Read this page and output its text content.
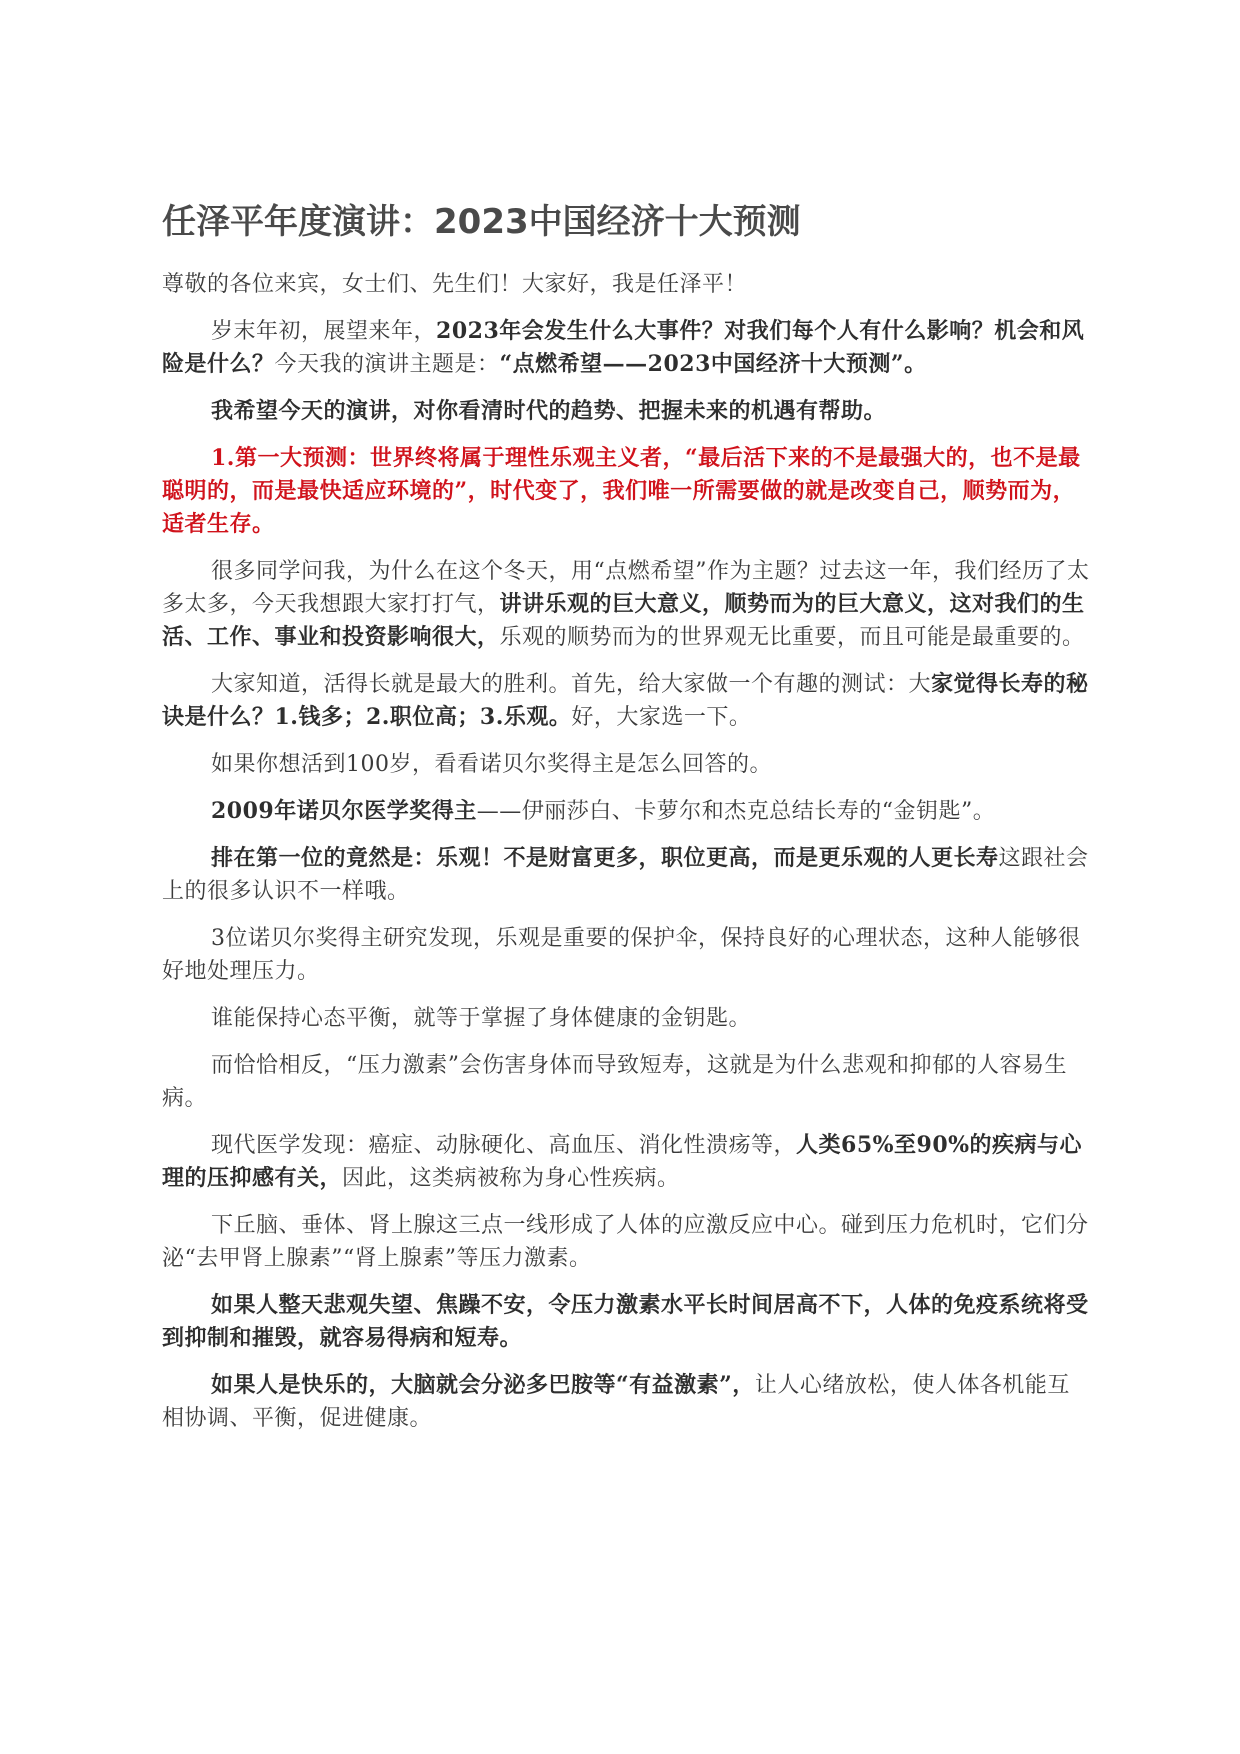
任泽平年度演讲：2023中国经济十大预测
尊敬的各位来宾，女士们、先生们！大家好，我是任泽平！
岁末年初，展望来年，2023年会发生什么大事件？对我们每个人有什么影响？机会和风险是什么？今天我的演讲主题是：“点燃希望——2023中国经济十大预测”。
我希望今天的演讲，对你看清时代的趋势、把握未来的机遇有帮助。
1.第一大预测：世界终将属于理性乐观主义者，“最后活下来的不是最强大的，也不是最聪明的，而是最快适应环境的”，时代变了，我们唯一所需要做的就是改变自己，顺势而为，适者生存。
很多同学问我，为什么在这个冬天，用“点燃希望”作为主题？过去这一年，我们经历了太多太多，今天我想跟大家打打气，讲讲乐观的巨大意义，顺势而为的巨大意义，这对我们的生活、工作、事业和投资影响很大，乐观的顺势而为的世界观无比重要，而且可能是最重要的。
大家知道，活得长就是最大的胜利。首先，给大家做一个有趣的测试：大家觉得长寿的秘诀是什么？1.钱多；2.职位高；3.乐观。好，大家选一下。
如果你想活到100岁，看看诺贝尔奖得主是怎么回答的。
2009年诺贝尔医学奖得主——伊丽莎白、卡萝尔和杰克总结长寿的“金钥匙”。
排在第一位的竟然是：乐观！不是财富更多，职位更高，而是更乐观的人更长寿这跟社会上的很多认识不一样哦。
3位诺贝尔奖得主研究发现，乐观是重要的保护伞，保持良好的心理状态，这种人能够很好地处理压力。
谁能保持心态平衡，就等于掌握了身体健康的金钥匙。
而恰恰相反，“压力激素”会伤害身体而导致短寿，这就是为什么悲观和抑郁的人容易生病。
现代医学发现：癌症、动脉硬化、高血压、消化性溃疡等，人类65%至90%的疾病与心理的压抑感有关，因此，这类病被称为身心性疾病。
下丘脑、垂体、肾上腺这三点一线形成了人体的应激反应中心。碰到压力危机时，它们分泌“去甲肾上腺素”“肾上腺素”等压力激素。
如果人整天悲观失望、焦躁不安，令压力激素水平长时间居高不下，人体的免疫系统将受到抑制和摧毁，就容易得病和短寿。
如果人是快乐的，大脑就会分泌多巴胺等“有益激素”，让人心绪放松，使人体各机能互相协调、平衡，促进健康。
